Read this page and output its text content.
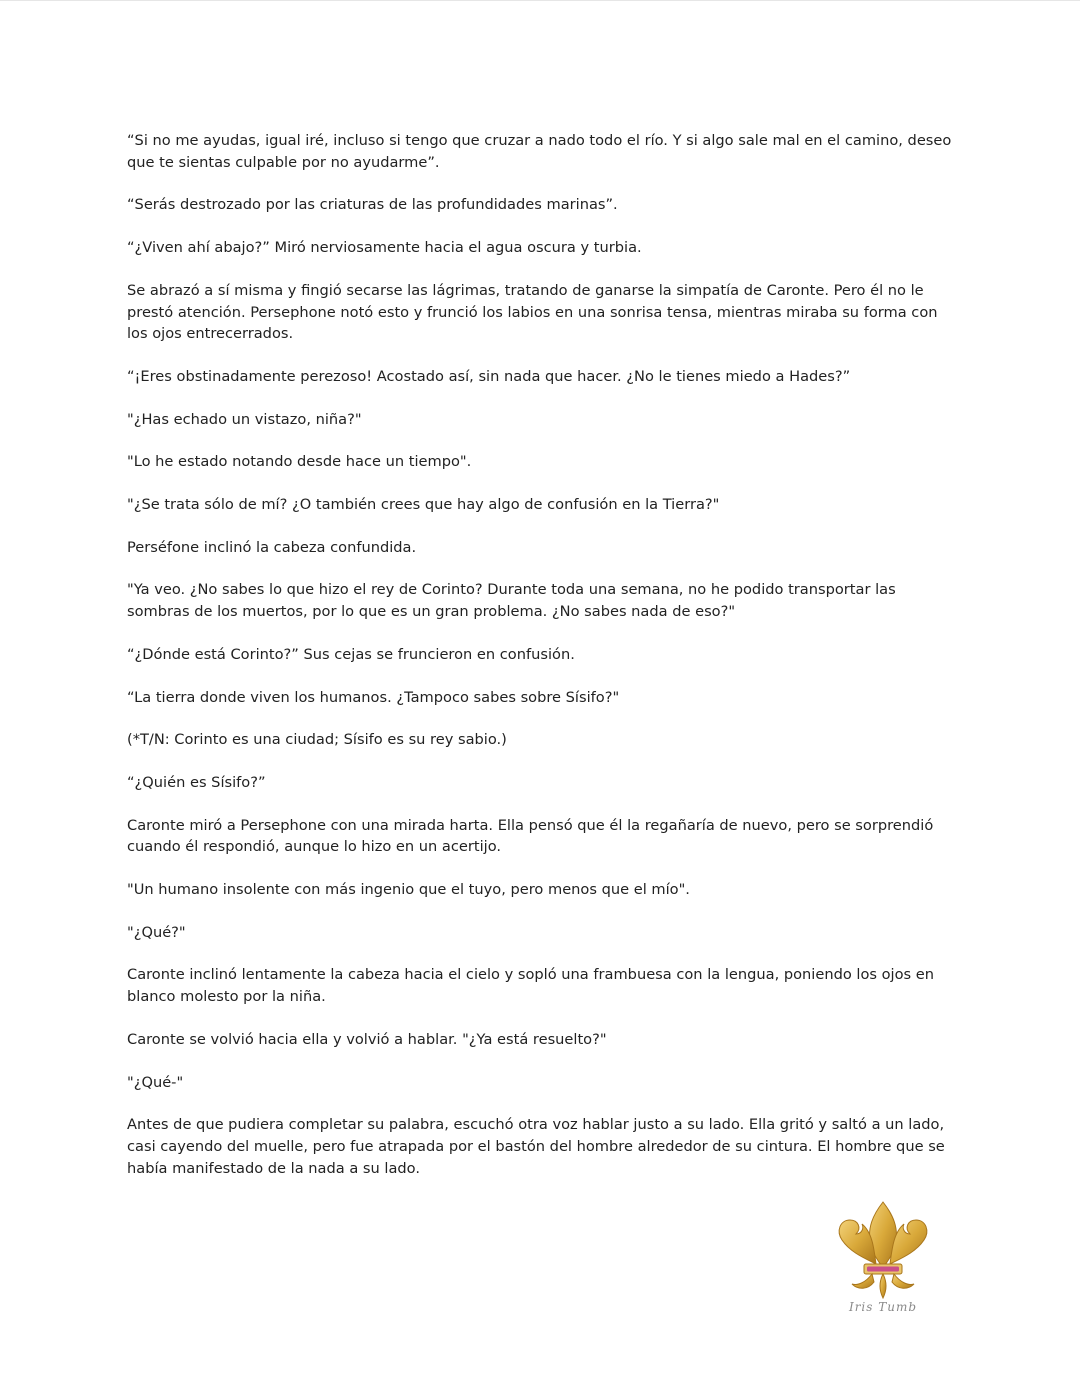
“Si no me ayudas, igual iré, incluso si tengo que cruzar a nado todo el río. Y si algo sale mal en el camino, deseo que te sientas culpable por no ayudarme”.

“Serás destrozado por las criaturas de las profundidades marinas”.

“¿Viven ahí abajo?” Miró nerviosamente hacia el agua oscura y turbia.

Se abrazó a sí misma y fingió secarse las lágrimas, tratando de ganarse la simpatía de Caronte. Pero él no le prestó atención. Persephone notó esto y frunció los labios en una sonrisa tensa, mientras miraba su forma con los ojos entrecerrados.

“¡Eres obstinadamente perezoso! Acostado así, sin nada que hacer. ¿No le tienes miedo a Hades?”

"¿Has echado un vistazo, niña?"

"Lo he estado notando desde hace un tiempo".

"¿Se trata sólo de mí? ¿O también crees que hay algo de confusión en la Tierra?"

Perséfone inclinó la cabeza confundida.

"Ya veo. ¿No sabes lo que hizo el rey de Corinto? Durante toda una semana, no he podido transportar las sombras de los muertos, por lo que es un gran problema. ¿No sabes nada de eso?"

“¿Dónde está Corinto?” Sus cejas se fruncieron en confusión.

“La tierra donde viven los humanos. ¿Tampoco sabes sobre Sísifo?"

(*T/N: Corinto es una ciudad; Sísifo es su rey sabio.)

“¿Quién es Sísifo?”

Caronte miró a Persephone con una mirada harta. Ella pensó que él la regañaría de nuevo, pero se sorprendió cuando él respondió, aunque lo hizo en un acertijo.

"Un humano insolente con más ingenio que el tuyo, pero menos que el mío".

"¿Qué?"

Caronte inclinó lentamente la cabeza hacia el cielo y sopló una frambuesa con la lengua, poniendo los ojos en blanco molesto por la niña.

Caronte se volvió hacia ella y volvió a hablar. "¿Ya está resuelto?"

"¿Qué-"

Antes de que pudiera completar su palabra, escuchó otra voz hablar justo a su lado. Ella gritó y saltó a un lado, casi cayendo del muelle, pero fue atrapada por el bastón del hombre alrededor de su cintura. El hombre que se había manifestado de la nada a su lado.

Iris Tumb
